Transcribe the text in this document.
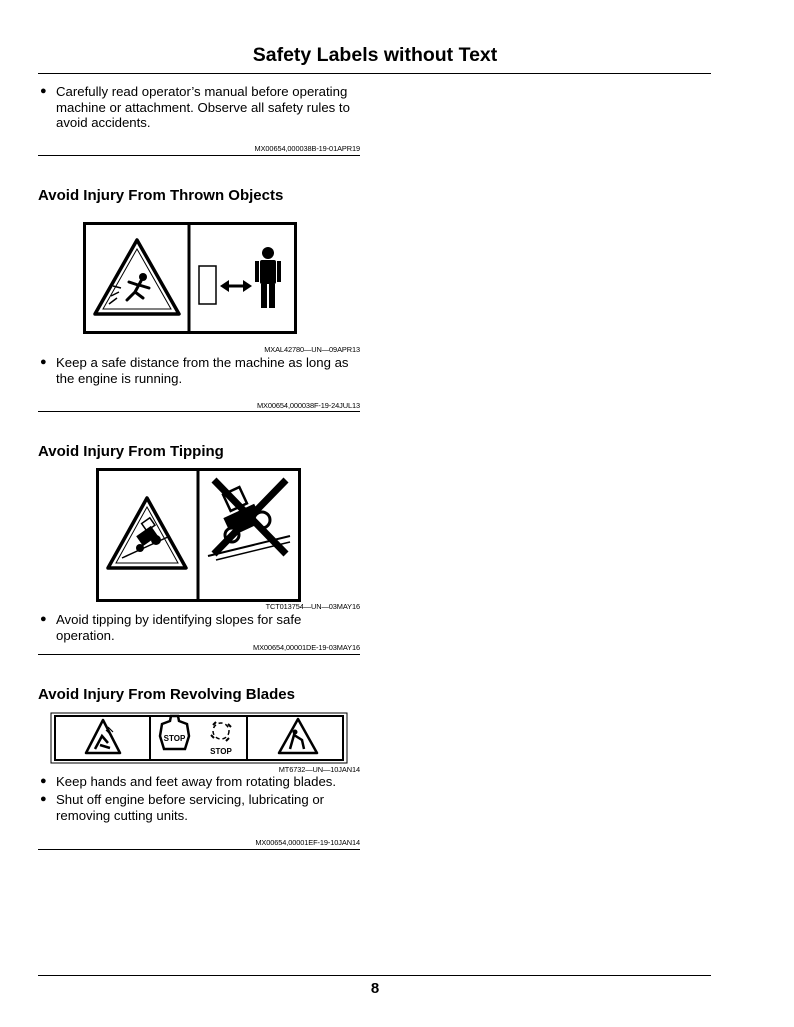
Safety Labels without Text
● Carefully read operator’s manual before operating machine or attachment. Observe all safety rules to avoid accidents.
MX00654,000038B-19-01APR19
Avoid Injury From Thrown Objects
MXAL42780—UN—09APR13
● Keep a safe distance from the machine as long as the engine is running.
MX00654,000038F-19-24JUL13
Avoid Injury From Tipping
TCT013754—UN—03MAY16
● Avoid tipping by identifying slopes for safe operation.
MX00654,00001DE-19-03MAY16
Avoid Injury From Revolving Blades
STOP
STOP
MT6732—UN—10JAN14
● Keep hands and feet away from rotating blades.
● Shut off engine before servicing, lubricating or removing cutting units.
MX00654,00001EF-19-10JAN14
8
